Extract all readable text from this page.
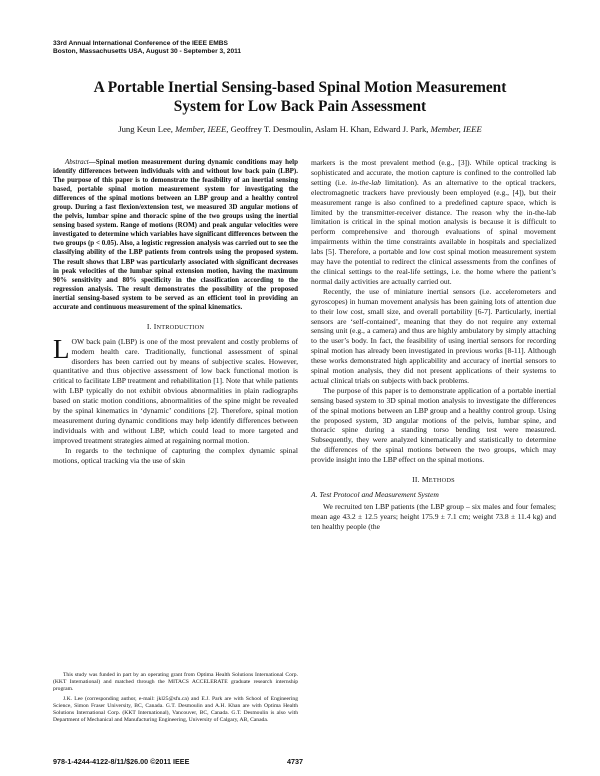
33rd Annual International Conference of the IEEE EMBS
Boston, Massachusetts USA, August 30 - September 3, 2011
A Portable Inertial Sensing-based Spinal Motion Measurement
System for Low Back Pain Assessment
Jung Keun Lee, Member, IEEE, Geoffrey T. Desmoulin, Aslam H. Khan, Edward J. Park, Member, IEEE

Abstract—Spinal motion measurement during dynamic conditions may help identify differences between individuals with and without low back pain (LBP). The purpose of this paper is to demonstrate the feasibility of an inertial sensing based, portable spinal motion measurement system for investigating the differences of the spinal motions between an LBP group and a healthy control group. During a fast flexion/extension test, we measured 3D angular motions of the pelvis, lumbar spine and thoracic spine of the two groups using the inertial sensing based system. Range of motions (ROM) and peak angular velocities were investigated to determine which variables have significant differences between the two groups (p < 0.05). Also, a logistic regression analysis was carried out to see the classifying ability of the LBP patients from controls using the proposed system. The result shows that LBP was particularly associated with significant decreases in peak velocities of the lumbar spinal extension motion, having the maximum 90% sensitivity and 80% specificity in the classification according to the regression analysis. The result demonstrates the possibility of the proposed inertial sensing-based system to be served as an efficient tool in providing an accurate and continuous measurement of the spinal kinematics.

I. INTRODUCTION

LOW back pain (LBP) is one of the most prevalent and costly problems of modern health care. Traditionally, functional assessment of spinal disorders has been carried out by means of subjective scales. However, quantitative and thus objective assessment of low back functional motion is critical to facilitate LBP treatment and rehabilitation [1]. Note that while patients with LBP typically do not exhibit obvious abnormalities in plain radiographs based on static motion conditions, abnormalities of the spine might be revealed by the spinal kinematics in ‘dynamic’ conditions [2]. Therefore, spinal motion measurement during dynamic conditions may help identify differences between individuals with and without LBP, which could lead to more targeted and improved treatment strategies aimed at regaining normal motion.

In regards to the technique of capturing the complex dynamic spinal motions, optical tracking via the use of skin

This study was funded in part by an operating grant from Optima Health Solutions International Corp. (KKT International) and matched through the MITACS ACCELERATE graduate research internship program.

J.K. Lee (corresponding author, e-mail: jkl25@sfu.ca) and E.J. Park are with School of Engineering Science, Simon Fraser University, BC, Canada. G.T. Desmoulin and A.H. Khan are with Optima Health Solutions International Corp. (KKT International), Vancouver, BC, Canada. G.T. Desmoulin is also with Department of Mechanical and Manufacturing Engineering, University of Calgary, AB, Canada.

markers is the most prevalent method (e.g., [3]). While optical tracking is sophisticated and accurate, the motion capture is confined to the controlled lab setting (i.e. in-the-lab limitation). As an alternative to the optical trackers, electromagnetic trackers have previously been employed (e.g., [4]), but their measurement range is also confined to a predefined capture space, which is limited by the transmitter-receiver distance. The reason why the in-the-lab limitation is critical in the spinal motion analysis is because it is difficult to perform comprehensive and thorough evaluations of spinal movement impairments within the time constraints available in hospitals and specialized labs [5]. Therefore, a portable and low cost spinal motion measurement system may have the potential to redirect the clinical assessments from the confines of the clinical settings to the real-life settings, i.e. the home where the patient’s normal daily activities are actually carried out.

Recently, the use of miniature inertial sensors (i.e. accelerometers and gyroscopes) in human movement analysis has been gaining lots of attention due to their low cost, small size, and overall portability [6-7]. Particularly, inertial sensors are ‘self-contained’, meaning that they do not require any external sensing unit (e.g., a camera) and thus are highly ambulatory by simply attaching to the user’s body. In fact, the feasibility of using inertial sensors for recording spinal motion has already been investigated in previous works [8-11]. Although these works demonstrated high applicability and accuracy of inertial sensors to spinal motion analysis, they did not present applications of their systems to actual clinical trials on subjects with back problems.

The purpose of this paper is to demonstrate application of a portable inertial sensing based system to 3D spinal motion analysis to investigate the differences of the spinal motions between an LBP group and a healthy control group. Using the proposed system, 3D angular motions of the pelvis, lumbar spine, and thoracic spine during a standing torso bending test were measured. Subsequently, they were analyzed kinematically and statistically to determine the differences of the spinal motions between the two groups, which may provide insight into the LBP effect on the spinal motions.

II. METHODS
A. Test Protocol and Measurement System

We recruited ten LBP patients (the LBP group – six males and four females; mean age 43.2 ± 12.5 years; height 175.9 ± 7.1 cm; weight 73.8 ± 11.4 kg) and ten healthy people (the

978-1-4244-4122-8/11/$26.00 ©2011 IEEE	4737
